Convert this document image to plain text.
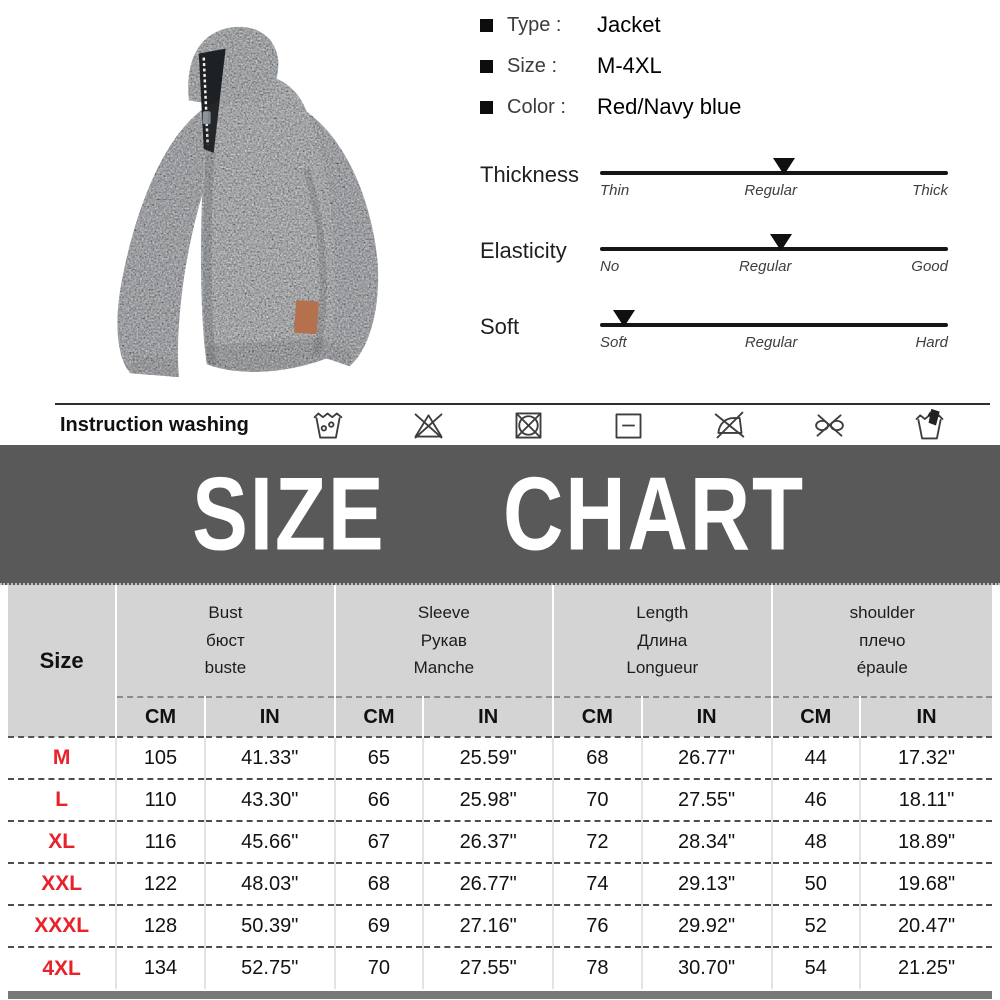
Type :	Jacket
Size :	M-4XL
Color :	Red/Navy blue
Thickness
Thin	Regular	Thick
Elasticity
No	Regular	Good
Soft
Soft	Regular	Hard
Instruction washing
SIZE CHART
Size	
Bust
бюст
buste

Sleeve
Рукав
Manche

Length
Длина
Longueur

shoulder
плечо
épaule

	CM	IN	CM	IN	CM	IN	CM	IN
M	105	41.33"	65	25.59"	68	26.77"	44	17.32"
L	110	43.30"	66	25.98"	70	27.55"	46	18.11"
XL	116	45.66"	67	26.37"	72	28.34"	48	18.89"
XXL	122	48.03"	68	26.77"	74	29.13"	50	19.68"
XXXL	128	50.39"	69	27.16"	76	29.92"	52	20.47"
4XL	134	52.75"	70	27.55"	78	30.70"	54	21.25"
